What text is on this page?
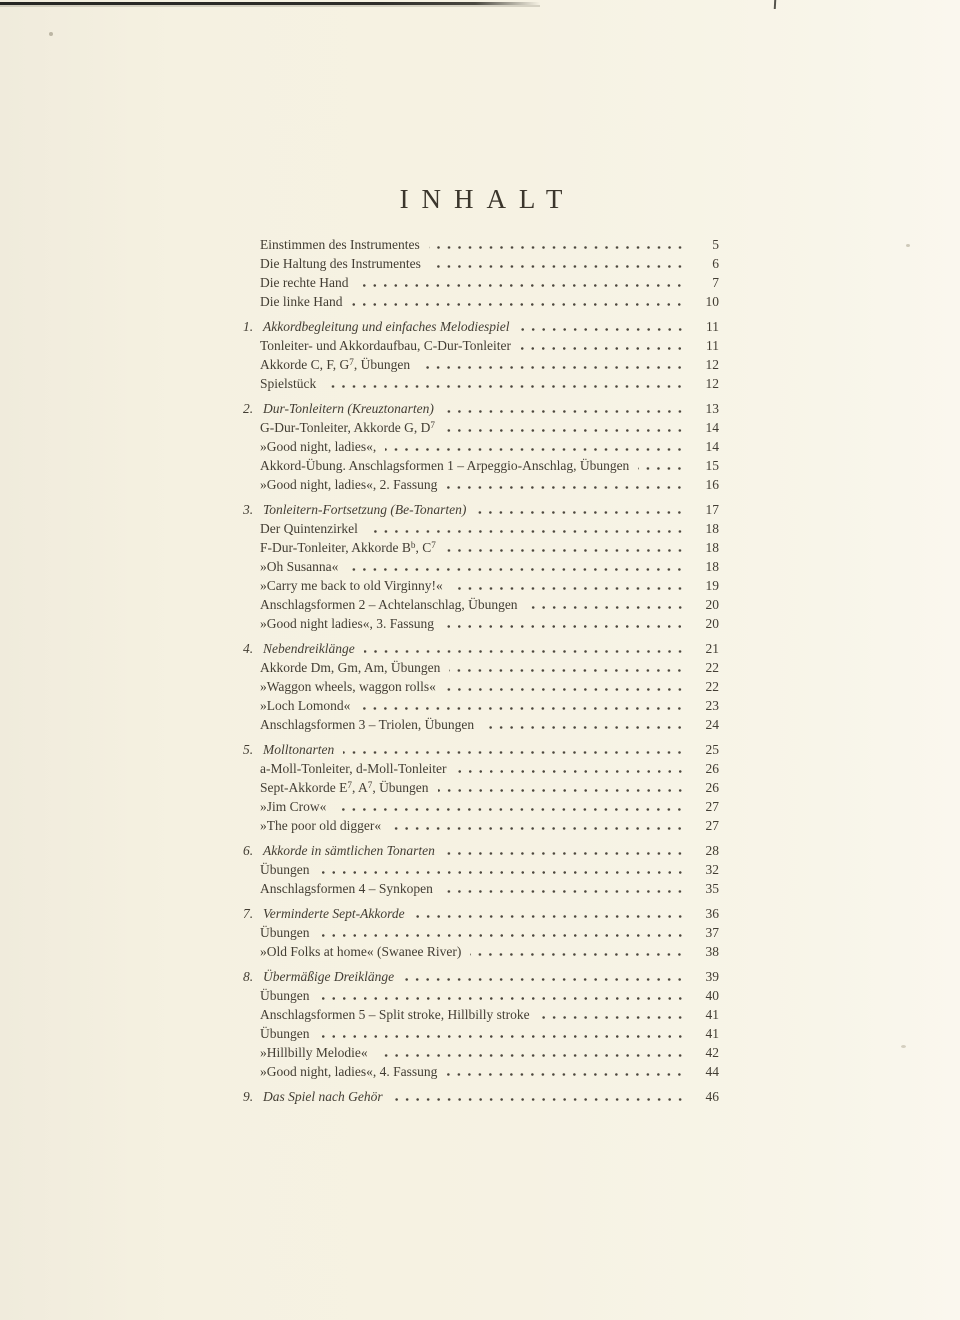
INHALT
Einstimmen des Instrumentes	5
Die Haltung des Instrumentes	6
Die rechte Hand	7
Die linke Hand	10
1. Akkordbegleitung und einfaches Melodiespiel	11
Tonleiter- und Akkordaufbau, C-Dur-Tonleiter	11
Akkorde C, F, $G^7$, Übungen	12
Spielstück	12
2. Dur-Tonleitern (Kreuztonarten)	13
G-Dur-Tonleiter, Akkorde G, $D^7$	14
»Good night, ladies«,	14
Akkord-Übung. Anschlagsformen 1 – Arpeggio-Anschlag, Übungen	15
»Good night, ladies«, 2. Fassung	16
3. Tonleitern-Fortsetzung (Be-Tonarten)	17
Der Quintenzirkel	18
F-Dur-Tonleiter, Akkorde $B^b$, $C^7$	18
»Oh Susanna«	18
»Carry me back to old Virginny!«	19
Anschlagsformen 2 – Achtelanschlag, Übungen	20
»Good night ladies«, 3. Fassung	20
4. Nebendreiklänge	21
Akkorde Dm, Gm, Am, Übungen	22
»Waggon wheels, waggon rolls«	22
»Loch Lomond«	23
Anschlagsformen 3 – Triolen, Übungen	24
5. Molltonarten	25
a-Moll-Tonleiter, d-Moll-Tonleiter	26
Sept-Akkorde $E^7$, $A^7$, Übungen	26
»Jim Crow«	27
»The poor old digger«	27
6. Akkorde in sämtlichen Tonarten	28
Übungen	32
Anschlagsformen 4 – Synkopen	35
7. Verminderte Sept-Akkorde	36
Übungen	37
»Old Folks at home« (Swanee River)	38
8. Übermäßige Dreiklänge	39
Übungen	40
Anschlagsformen 5 – Split stroke, Hillbilly stroke	41
Übungen	41
»Hillbilly Melodie«	42
»Good night, ladies«, 4. Fassung	44
9. Das Spiel nach Gehör	46
